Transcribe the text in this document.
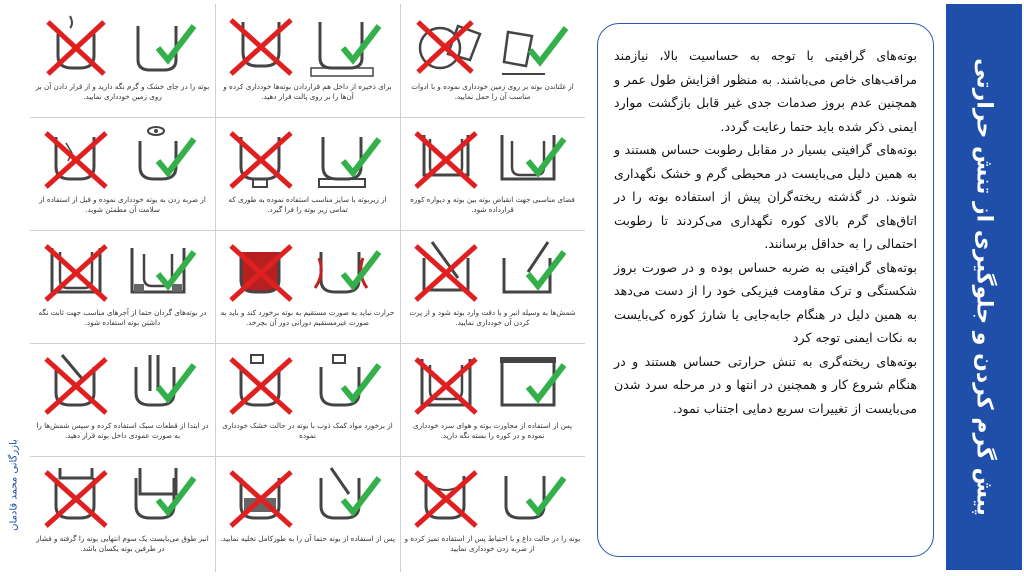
پیش گرم کردن و جلوگیری از تنش حرارتی

بوته‌های گرافیتی با توجه به حساسیت بالا، نیازمند مراقب‌های خاص می‌باشند. به منظور افزایش طول عمر و همچنین عدم بروز صدمات جدی غیر قابل بازگشت موارد ایمنی ذکر شده باید حتما رعایت گردد.

بوته‌های گرافیتی بسیار در مقابل رطوبت حساس هستند و به همین دلیل می‌بایست در محیطی گرم و خشک نگهداری شوند. در گذشته ریخته‌گران پیش از استفاده بوته را در اتاق‌های گرم بالای کوره نگهداری می‌کردند تا رطوبت احتمالی را به حداقل برسانند.

بوته‌های گرافیتی به ضربه حساس بوده و در صورت بروز شکستگی و ترک مقاومت فیزیکی خود را از دست می‌دهد به همین دلیل در هنگام جابه‌جایی یا شارژ کوره کی‌بایست به نکات ایمنی توجه کرد

بوته‌های ریخته‌گری به تنش حرارتی حساس هستند و در هنگام شروع کار و همچنین در انتها و در مرحله سرد شدن می‌بایست از تغییرات سریع دمایی اجتناب نمود.

بازرگانی محمد قادمان
از غلتاندن بوته بر روی زمین خودداری نموده و با ادوات مناسب آن را حمل نمایید.
برای ذخیره از داخل هم قراردادن بوته‌ها خودداری کرده و آن‌ها را بر روی پالت قرار دهید.
بوته را در جای خشک و گرم نگه دارید و از قرار دادن آن بر روی زمین خودداری نمایید.
فضای مناسبی جهت انقباض بوته بین بوته و دیواره کوره قرارداده شود.
از زیربوته با سایز مناسب استفاده نموده به طوری که تمامی زیر بوته را فرا گیرد.
از ضربه زدن به بوته خودداری نموده و قبل از استفاده از سلامت آن مطمئن شوید.
شمش‌ها به وسیله انبر و با دقت وارد بوته شود و از پرت کردن آن خودداری نمایید.
حرارت نباید به صورت مستقیم به بوته برخورد کند و باید به صورت غیرمستقیم دورانی دور آن بچرخد.
در بوته‌های گردان حتما از آجرهای مناسب جهت ثابت نگه داشتن بوته استفاده شود.
پس از استفاده از مجاورت بوته و هوای سرد خودداری نموده و در کوره را بسته نگه دارید.
از برخورد مواد کمک ذوب با بوته در حالت خشک خودداری نموده
در ابتدا از قطعات سبک استفاده کرده و سپس شمش‌ها را به صورت عمودی داخل بوته قرار دهید.
بوته را در حالت داغ و با احتیاط پس از استفاده تمیز کرده و از ضربه زدن خودداری نمایید
پس از استفاده از بوته حتما آن را به طورکامل تخلیه نمایید.
انبر طوق می‌بایست یک سوم انتهایی بوته را گرفته و فشار در طرفین بوته یکسان باشد.
